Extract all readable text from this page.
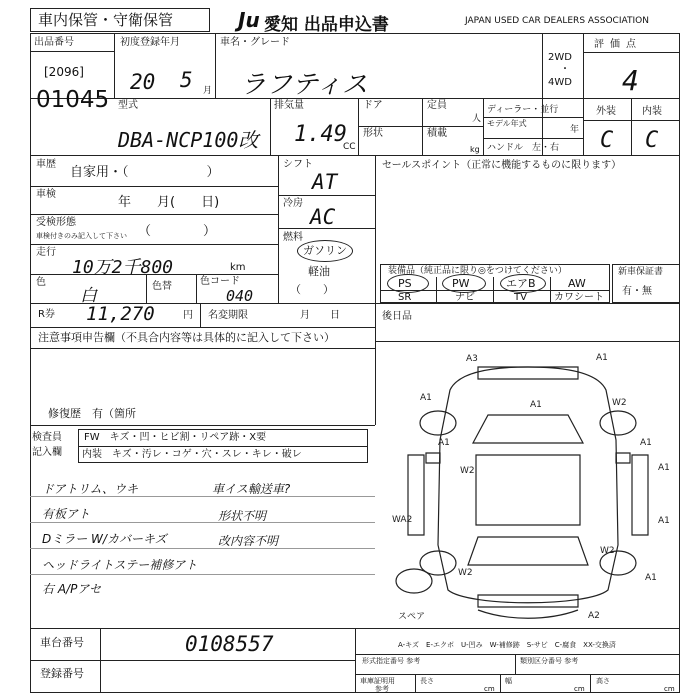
車内保管・守衛保管	Ju 愛知 出品申込書	JAPAN USED CAR DEALERS ASSOCIATION
出品番号
[2096]
01045
初度登録年月
20 5 月
車名・グレード
ラフティス
2WD
・
4WD
評価点
4
型式
DBA-NCP100改
排気量
1.49
CC
ドア	定員
人
形状	積載
kg
ディーラー・並行
モデル年式
年
ハンドル　左・右
外装	内装
C C
車歴
自家用・（　　　　　　）
車検
年　　月(　　日)
受検形態
車検付きのみ記入して下さい （　　　　）
走行
10万2千800	km
色
白	色替	色コード
040
シフト
AT
冷房
AC
燃料
ガソリン
軽油
（　　）
セールスポイント（正常に機能するものに限ります）
装備品（純正品に限り◎をつけてください）
PS	PW	エアB	AW
SR	ナビ	TV	カワシート
新車保証書
有・無
R券 11,270	円 名変期限	月　　日	後日品
注意事項申告欄（不具合内容等は具体的に記入して下さい）
修復歴　有（箇所
検査員
記入欄
FW　キズ・凹・ヒビ割・リペア跡・X要
内装　キズ・汚レ・コゲ・穴・スレ・キレ・破レ
ドアトリム、ウキ
有板アト
Dミラー W/カバーキズ
ヘッドライトステー補修アト
右 A/Pアセ
車イス輸送車?
形状不明
改内容不明
A3	A1
A1	W2
A1
A1
W2
A1
WA2
W2	A1
A2
W2
A1	A1
スペア
A-キズ　E-エクボ　U-凹み　W-補修跡　S-サビ　C-腐食　XX-交換済
車台番号	0108557
登録番号
形式指定番号 参考	類別区分番号 参考
車庫証明用
参考
長さ	幅	高さ
cm	cm	cm
